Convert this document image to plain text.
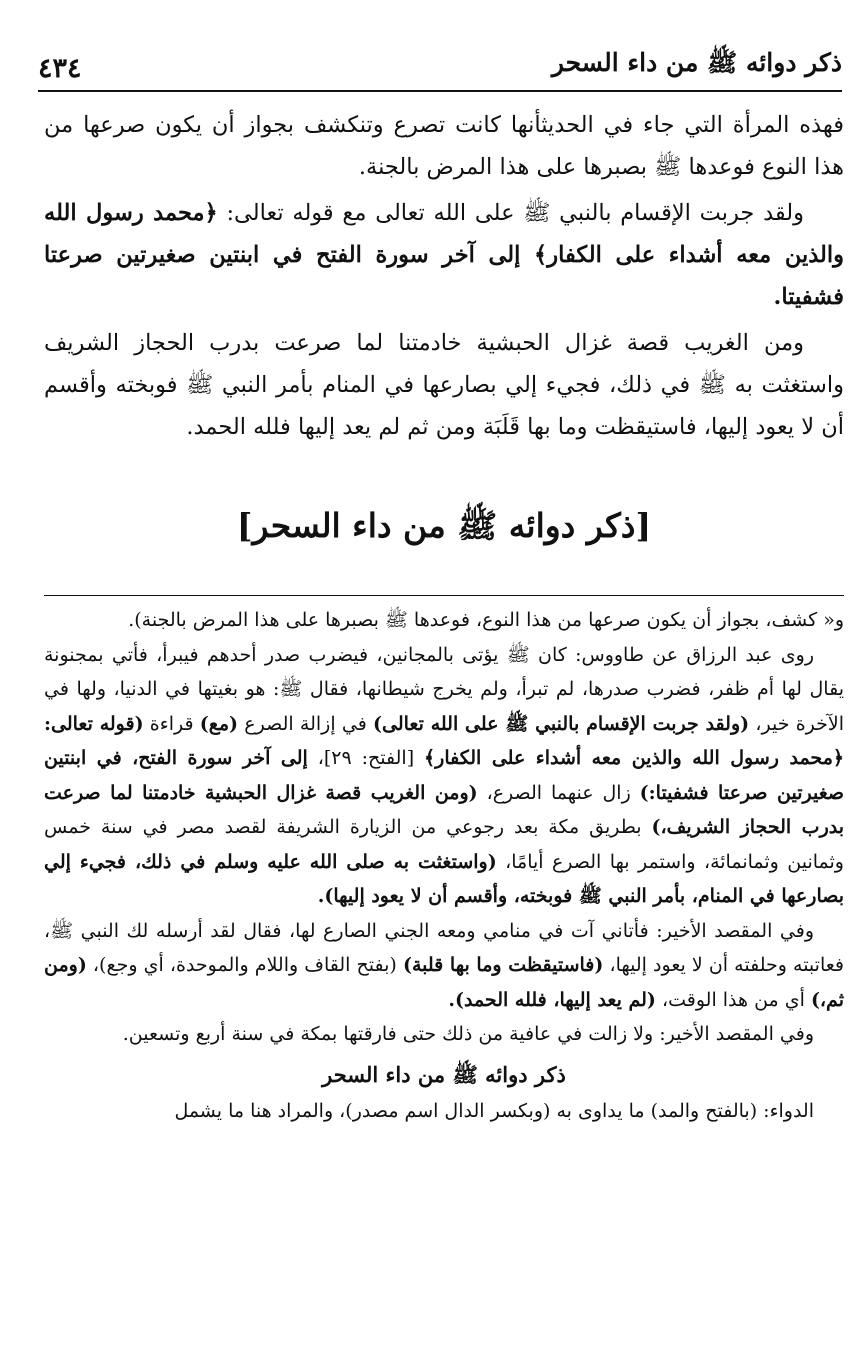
ذكر دوائه ﷺ من داء السحر
٤٣٤

فهذه المرأة التي جاء في الحديثأنها كانت تصرع وتنكشف بجواز أن يكون صرعها من هذا النوع فوعدها ﷺ بصبرها على هذا المرض بالجنة.

ولقد جربت الإقسام بالنبي ﷺ على الله تعالى مع قوله تعالى: ﴿محمد رسول الله والذين معه أشداء على الكفار﴾ إلى آخر سورة الفتح في ابنتين صغيرتين صرعتا فشفيتا.

ومن الغريب قصة غزال الحبشية خادمتنا لما صرعت بدرب الحجاز الشريف واستغثت به ﷺ في ذلك، فجيء إلي بصارعها في المنام بأمر النبي ﷺ فوبخته وأقسم أن لا يعود إليها، فاستيقظت وما بها قَلَبَة ومن ثم لم يعد إليها فلله الحمد.

[ذكر دوائه ﷺ من داء السحر]

و« كشف، بجواز أن يكون صرعها من هذا النوع، فوعدها ﷺ بصبرها على هذا المرض بالجنة).

روى عبد الرزاق عن طاووس: كان ﷺ يؤتى بالمجانين، فيضرب صدر أحدهم فيبرأ، فأتي بمجنونة يقال لها أم ظفر، فضرب صدرها، لم تبرأ، ولم يخرج شيطانها، فقال ﷺ: هو بغيتها في الدنيا، ولها في الآخرة خير، (ولقد جربت الإقسام بالنبي ﷺ على الله تعالى) في إزالة الصرع (مع) قراءة (قوله تعالى: ﴿محمد رسول الله والذين معه أشداء على الكفار﴾ [الفتح: ٢٩]، إلى آخر سورة الفتح، في ابنتين صغيرتين صرعتا فشفيتا:) زال عنهما الصرع، (ومن الغريب قصة غزال الحبشية خادمتنا لما صرعت بدرب الحجاز الشريف،) بطريق مكة بعد رجوعي من الزيارة الشريفة لقصد مصر في سنة خمس وثمانين وثمانمائة، واستمر بها الصرع أيامًا، (واستغثت به صلى الله عليه وسلم في ذلك، فجيء إلي بصارعها في المنام، بأمر النبي ﷺ فوبخته، وأقسم أن لا يعود إليها).

وفي المقصد الأخير: فأتاني آت في منامي ومعه الجني الصارع لها، فقال لقد أرسله لك النبي ﷺ، فعاتبته وحلفته أن لا يعود إليها، (فاستيقظت وما بها قلبة) (بفتح القاف واللام والموحدة، أي وجع)، (ومن ثم،) أي من هذا الوقت، (لم يعد إليها، فلله الحمد).

وفي المقصد الأخير: ولا زالت في عافية من ذلك حتى فارقتها بمكة في سنة أربع وتسعين.

ذكر دوائه ﷺ من داء السحر

الدواء: (بالفتح والمد) ما يداوى به (وبكسر الدال اسم مصدر)، والمراد هنا ما يشمل
